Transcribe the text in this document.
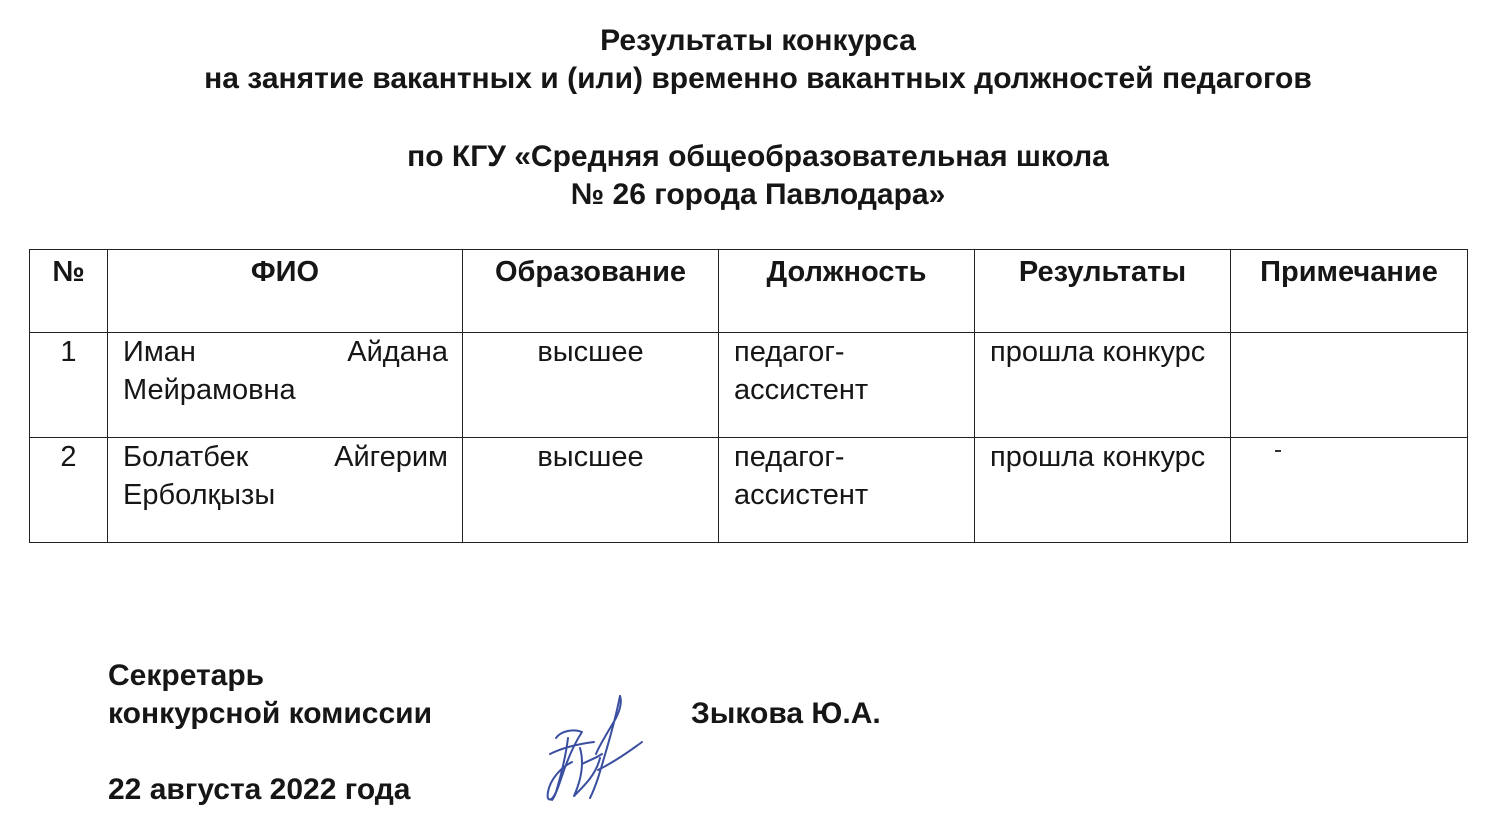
Результаты конкурса
на занятие вакантных и (или) временно вакантных должностей педагогов
по КГУ «Средняя общеобразовательная школа
№ 26 города Павлодара»
№	ФИО	Образование	Должность	Результаты	Примечание
1	Иман Айдана Мейрамовна	высшее	педагог-ассистент	прошла конкурс	
2	Болатбек Айгерим Ерболқызы	высшее	педагог-ассистент	прошла конкурс	

Секретарь

конкурсной комиссии	Зыкова Ю.А.

22 августа 2022 года
